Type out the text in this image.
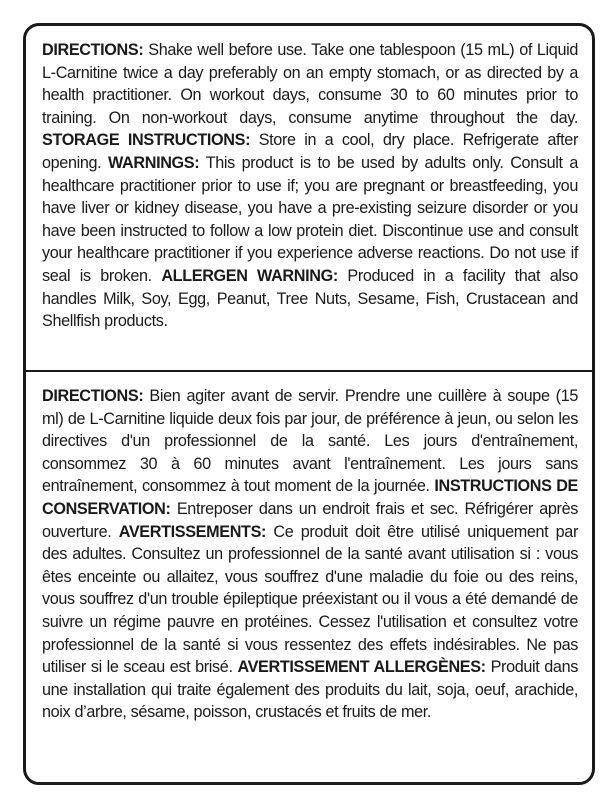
DIRECTIONS: Shake well before use. Take one tablespoon (15 mL) of Liquid L-Carnitine twice a day preferably on an empty stomach, or as directed by a health practitioner. On workout days, consume 30 to 60 minutes prior to training. On non-workout days, consume anytime throughout the day. STORAGE INSTRUCTIONS: Store in a cool, dry place. Refrigerate after opening. WARNINGS: This product is to be used by adults only. Consult a healthcare practitioner prior to use if; you are pregnant or breastfeeding, you have liver or kidney disease, you have a pre-existing seizure disorder or you have been instructed to follow a low protein diet. Discontinue use and consult your healthcare practitioner if you experience adverse reactions. Do not use if seal is broken. ALLERGEN WARNING: Produced in a facility that also handles Milk, Soy, Egg, Peanut, Tree Nuts, Sesame, Fish, Crustacean and Shellfish products.
DIRECTIONS: Bien agiter avant de servir. Prendre une cuillère à soupe (15 ml) de L-Carnitine liquide deux fois par jour, de préférence à jeun, ou selon les directives d'un professionnel de la santé. Les jours d'entraînement, consommez 30 à 60 minutes avant l'entraînement. Les jours sans entraînement, consommez à tout moment de la journée. INSTRUCTIONS DE CONSERVATION: Entreposer dans un endroit frais et sec. Réfrigérer après ouverture. AVERTISSEMENTS: Ce produit doit être utilisé uniquement par des adultes. Consultez un professionnel de la santé avant utilisation si : vous êtes enceinte ou allaitez, vous souffrez d'une maladie du foie ou des reins, vous souffrez d'un trouble épileptique préexistant ou il vous a été demandé de suivre un régime pauvre en protéines. Cessez l'utilisation et consultez votre professionnel de la santé si vous ressentez des effets indésirables. Ne pas utiliser si le sceau est brisé. AVERTISSEMENT ALLERGÈNES: Produit dans une installation qui traite également des produits du lait, soja, oeuf, arachide, noix d’arbre, sésame, poisson, crustacés et fruits de mer.
